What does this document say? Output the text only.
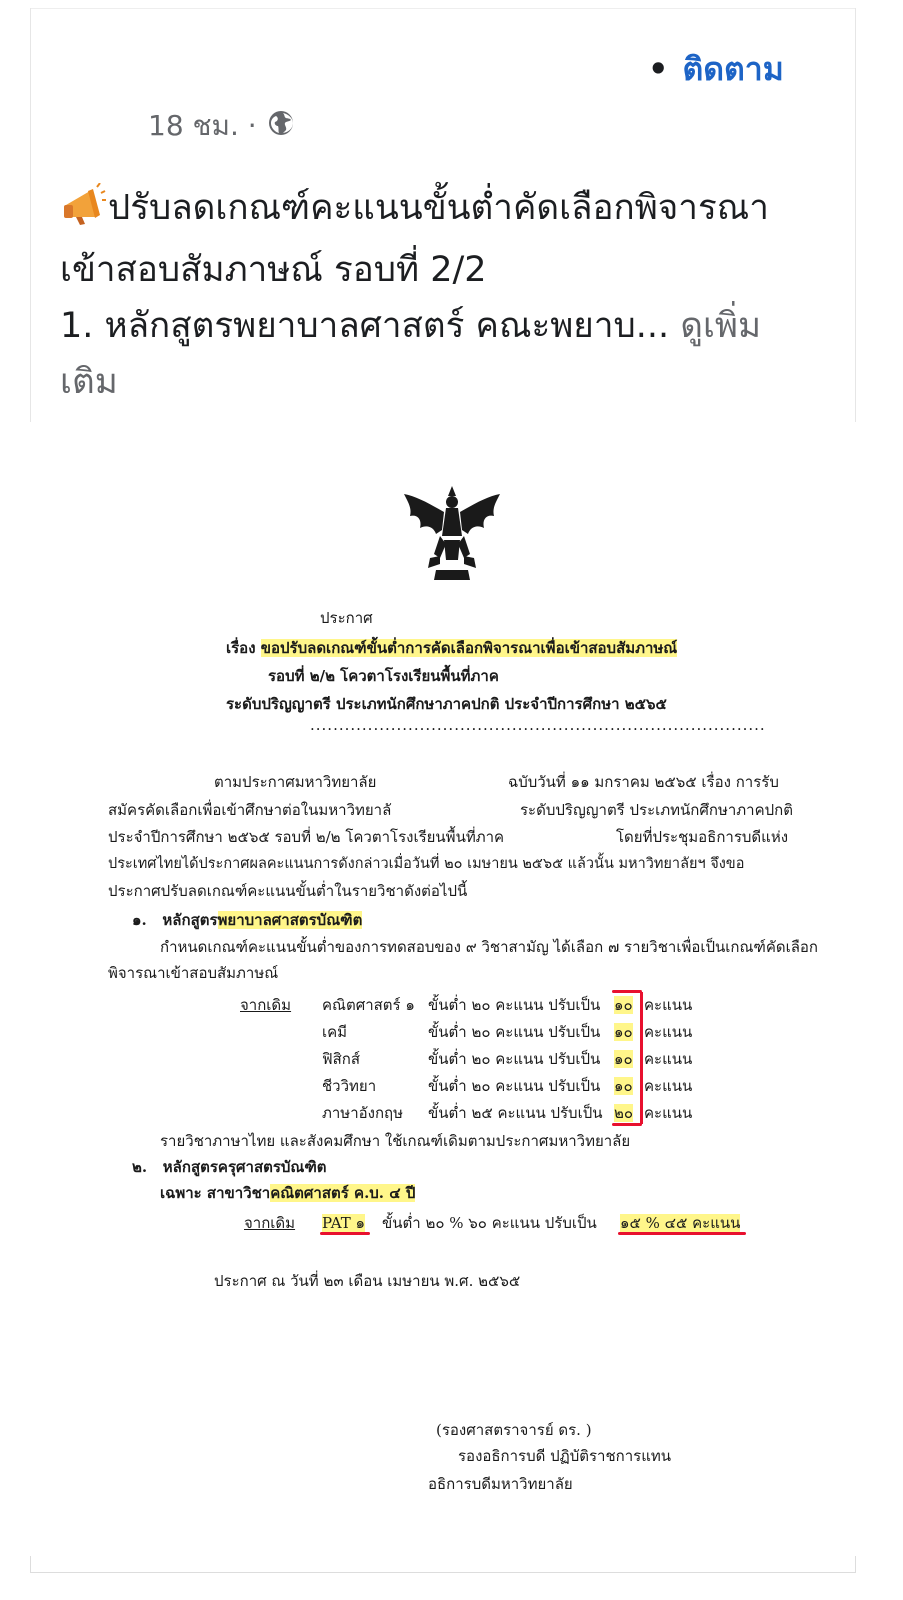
• ติดตาม
18 ชม. ·
ปรับลดเกณฑ์คะแนนขั้นต่ำคัดเลือกพิจารณา
เข้าสอบสัมภาษณ์ รอบที่ 2/2
1. หลักสูตรพยาบาลศาสตร์ คณะพยาบ... ดูเพิ่ม
เติม
ประกาศ
เรื่อง ขอปรับลดเกณฑ์ขั้นต่ำการคัดเลือกพิจารณาเพื่อเข้าสอบสัมภาษณ์
รอบที่ ๒/๒ โควตาโรงเรียนพื้นที่ภาค
ระดับปริญญาตรี ประเภทนักศึกษาภาคปกติ ประจำปีการศึกษา ๒๕๖๕
...............................................................................
ตามประกาศมหาวิทยาลัย	ฉบับวันที่ ๑๑ มกราคม ๒๕๖๕ เรื่อง การรับ
สมัครคัดเลือกเพื่อเข้าศึกษาต่อในมหาวิทยาลั	ระดับปริญญาตรี ประเภทนักศึกษาภาคปกติ
ประจำปีการศึกษา ๒๕๖๕ รอบที่ ๒/๒ โควตาโรงเรียนพื้นที่ภาค	โดยที่ประชุมอธิการบดีแห่ง
ประเทศไทยได้ประกาศผลคะแนนการดังกล่าวเมื่อวันที่ ๒๐ เมษายน ๒๕๖๕ แล้วนั้น มหาวิทยาลัยฯ จึงขอ
ประกาศปรับลดเกณฑ์คะแนนขั้นต่ำในรายวิชาดังต่อไปนี้
๑. หลักสูตรพยาบาลศาสตรบัณฑิต
กำหนดเกณฑ์คะแนนขั้นต่ำของการทดสอบของ ๙ วิชาสามัญ ได้เลือก ๗ รายวิชาเพื่อเป็นเกณฑ์คัดเลือก
พิจารณาเข้าสอบสัมภาษณ์
จากเดิม คณิตศาสตร์ ๑ ขั้นต่ำ ๒๐ คะแนน ปรับเป็น ๑๐ คะแนน
เคมี	ขั้นต่ำ ๒๐ คะแนน ปรับเป็น ๑๐ คะแนน
ฟิสิกส์	ขั้นต่ำ ๒๐ คะแนน ปรับเป็น ๑๐ คะแนน
ชีววิทยา	ขั้นต่ำ ๒๐ คะแนน ปรับเป็น ๑๐ คะแนน
ภาษาอังกฤษ ขั้นต่ำ ๒๕ คะแนน ปรับเป็น ๒๐ คะแนน
รายวิชาภาษาไทย และสังคมศึกษา ใช้เกณฑ์เดิมตามประกาศมหาวิทยาลัย
๒. หลักสูตรครุศาสตรบัณฑิต
เฉพาะ สาขาวิชาคณิตศาสตร์ ค.บ. ๔ ปี
จากเดิม PAT ๑ ขั้นต่ำ ๒๐ % ๖๐ คะแนน ปรับเป็น ๑๕ % ๔๕ คะแนน
ประกาศ ณ วันที่ ๒๓ เดือน เมษายน พ.ศ. ๒๕๖๕
(รองศาสตราจารย์ ดร. )
รองอธิการบดี ปฏิบัติราชการแทน
อธิการบดีมหาวิทยาลัย
